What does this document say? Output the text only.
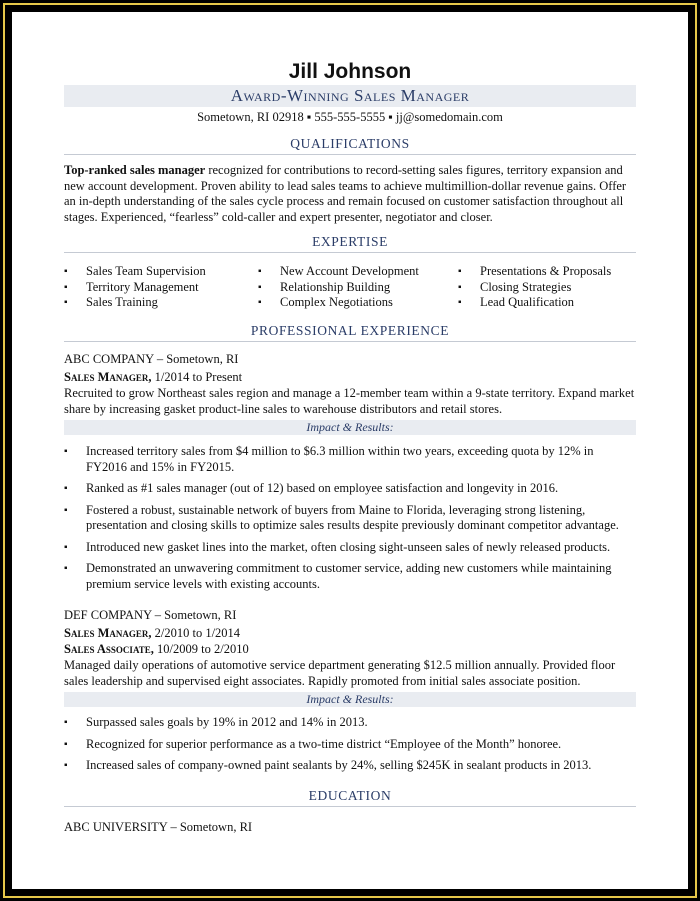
Jill Johnson
Award-Winning Sales Manager
Sometown, RI 02918 ▪ 555-555-5555 ▪ jj@somedomain.com
QUALIFICATIONS
Top-ranked sales manager recognized for contributions to record-setting sales figures, territory expansion and new account development. Proven ability to lead sales teams to achieve multimillion-dollar revenue gains. Offer an in-depth understanding of the sales cycle process and remain focused on customer satisfaction throughout all stages. Experienced, “fearless” cold-caller and expert presenter, negotiator and closer.
EXPERTISE
▪ Sales Team Supervision
▪ Territory Management
▪ Sales Training
▪ New Account Development
▪ Relationship Building
▪ Complex Negotiations
▪ Presentations & Proposals
▪ Closing Strategies
▪ Lead Qualification
PROFESSIONAL EXPERIENCE
ABC COMPANY – Sometown, RI
Sales Manager, 1/2014 to Present
Recruited to grow Northeast sales region and manage a 12-member team within a 9-state territory. Expand market share by increasing gasket product-line sales to warehouse distributors and retail stores.
Impact & Results:
▪ Increased territory sales from $4 million to $6.3 million within two years, exceeding quota by 12% in FY2016 and 15% in FY2015.
▪ Ranked as #1 sales manager (out of 12) based on employee satisfaction and longevity in 2016.
▪ Fostered a robust, sustainable network of buyers from Maine to Florida, leveraging strong listening, presentation and closing skills to optimize sales results despite previously dominant competitor advantage.
▪ Introduced new gasket lines into the market, often closing sight-unseen sales of newly released products.
▪ Demonstrated an unwavering commitment to customer service, adding new customers while maintaining premium service levels with existing accounts.
DEF COMPANY – Sometown, RI
Sales Manager, 2/2010 to 1/2014
Sales Associate, 10/2009 to 2/2010
Managed daily operations of automotive service department generating $12.5 million annually. Provided floor sales leadership and supervised eight associates. Rapidly promoted from initial sales associate position.
Impact & Results:
▪ Surpassed sales goals by 19% in 2012 and 14% in 2013.
▪ Recognized for superior performance as a two-time district “Employee of the Month” honoree.
▪ Increased sales of company-owned paint sealants by 24%, selling $245K in sealant products in 2013.
EDUCATION
ABC UNIVERSITY – Sometown, RI
